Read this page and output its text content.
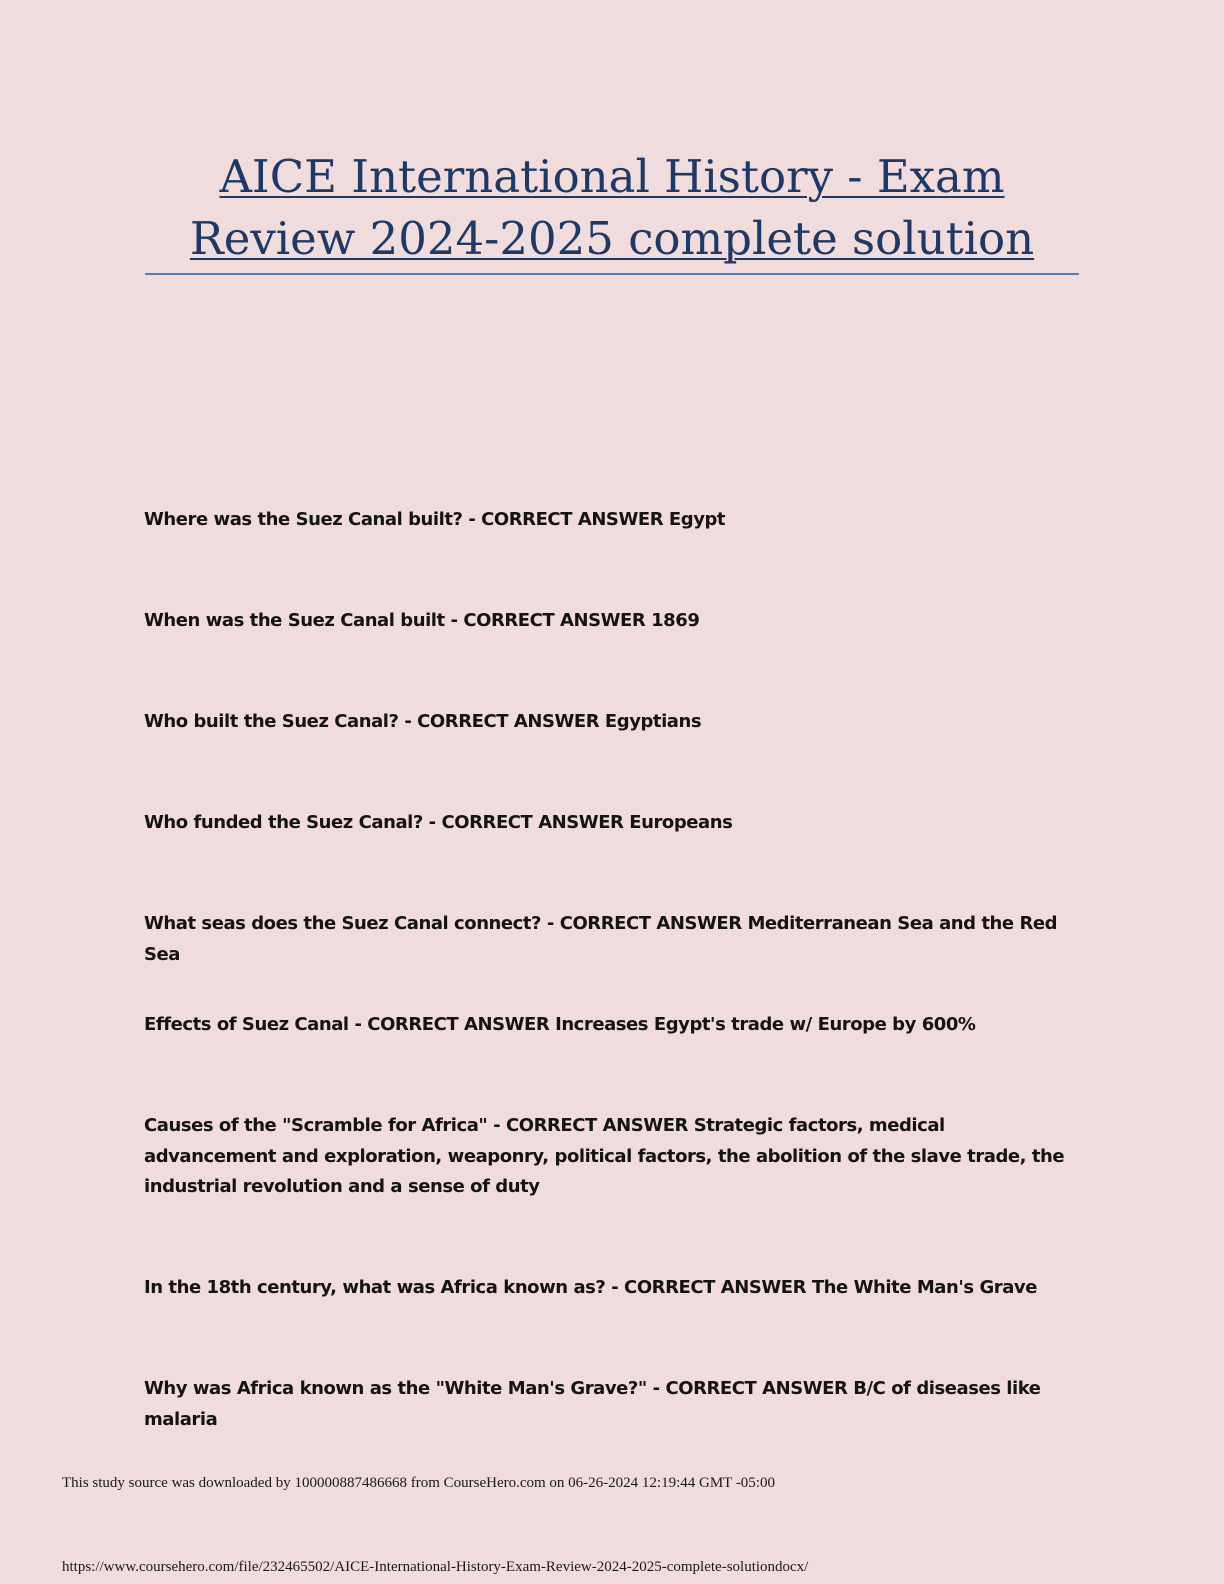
AICE International History - Exam
Review 2024-2025 complete solution
Where was the Suez Canal built? - CORRECT ANSWER Egypt
When was the Suez Canal built - CORRECT ANSWER 1869
Who built the Suez Canal? - CORRECT ANSWER Egyptians
Who funded the Suez Canal? - CORRECT ANSWER Europeans
What seas does the Suez Canal connect? - CORRECT ANSWER Mediterranean Sea and the Red Sea
Effects of Suez Canal - CORRECT ANSWER Increases Egypt's trade w/ Europe by 600%
Causes of the "Scramble for Africa" - CORRECT ANSWER Strategic factors, medical advancement and exploration, weaponry, political factors, the abolition of the slave trade, the industrial revolution and a sense of duty
In the 18th century, what was Africa known as? - CORRECT ANSWER The White Man's Grave
Why was Africa known as the "White Man's Grave?" - CORRECT ANSWER B/C of diseases like malaria
This study source was downloaded by 100000887486668 from CourseHero.com on 06-26-2024 12:19:44 GMT -05:00
https://www.coursehero.com/file/232465502/AICE-International-History-Exam-Review-2024-2025-complete-solutiondocx/
